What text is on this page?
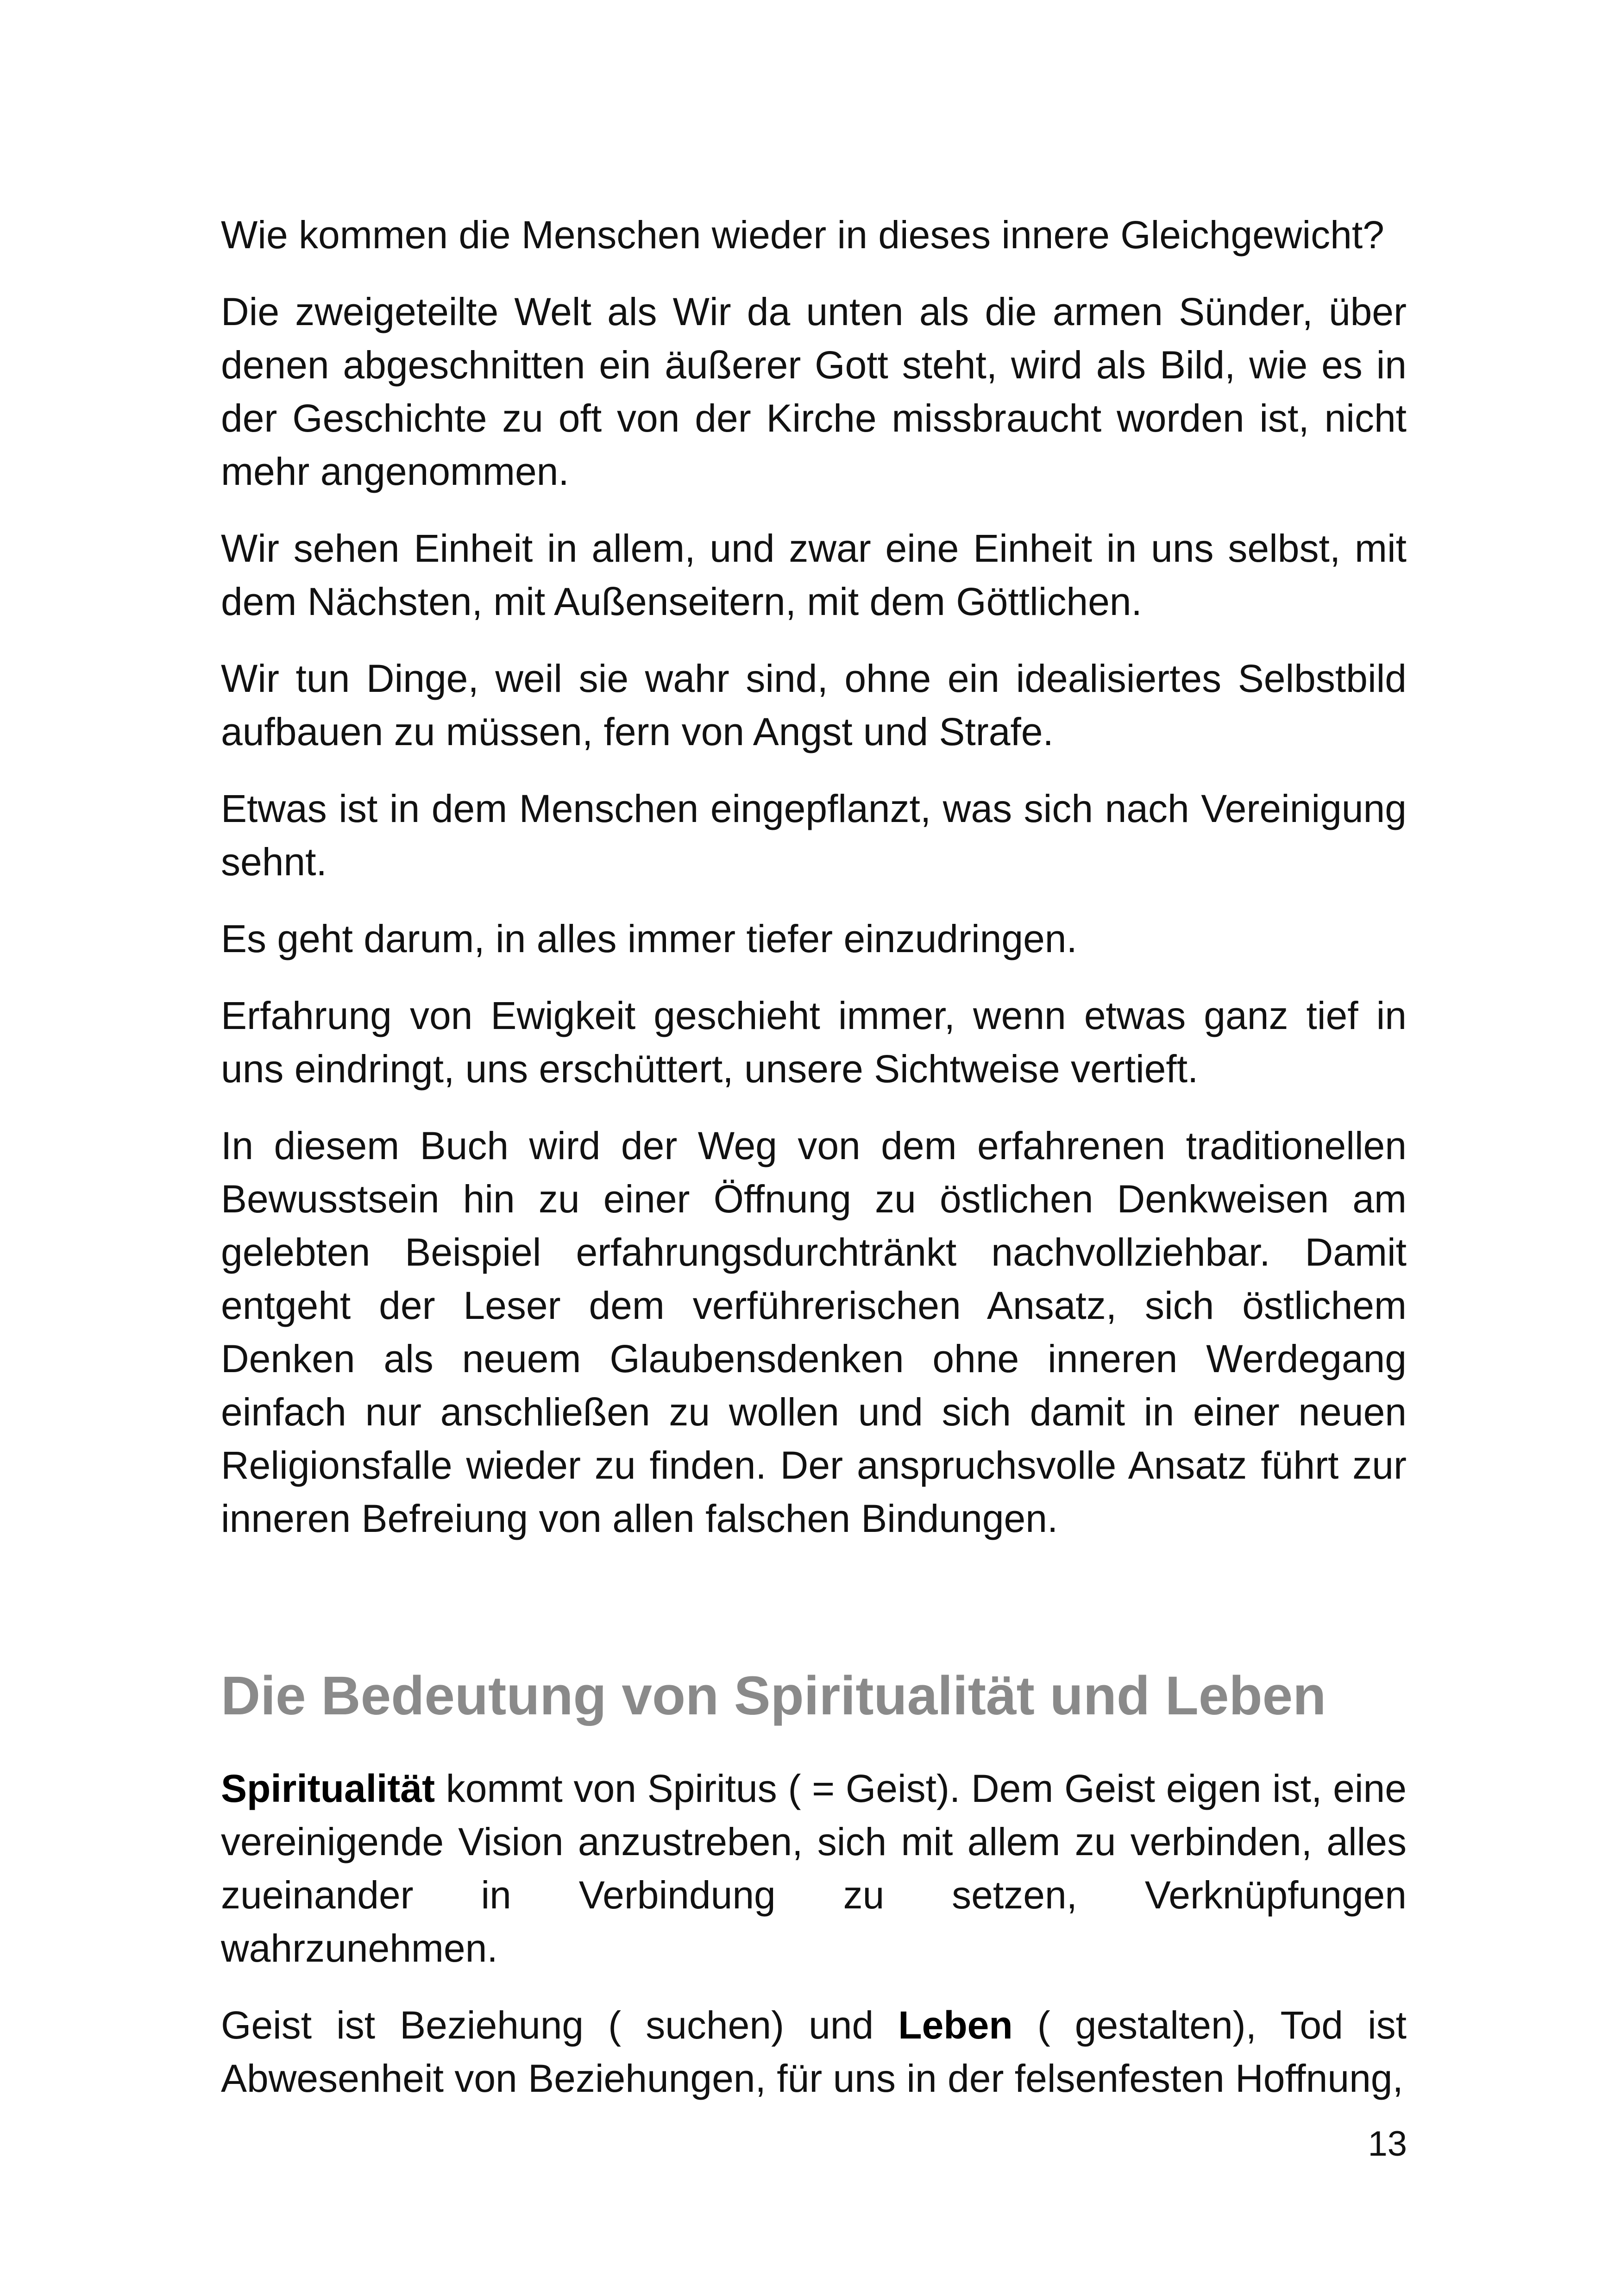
Wie kommen die Menschen wieder in dieses innere Gleichgewicht?

Die zweigeteilte Welt als Wir da unten als die armen Sünder, über denen abgeschnitten ein äußerer Gott steht, wird als Bild, wie es in der Geschichte zu oft von der Kirche missbraucht worden ist, nicht mehr angenommen.

Wir sehen Einheit in allem, und zwar eine Einheit in uns selbst, mit dem Nächsten, mit Außenseitern, mit dem Göttlichen.

Wir tun Dinge, weil sie wahr sind, ohne ein idealisiertes Selbstbild aufbauen zu müssen, fern von Angst und Strafe.

Etwas ist in dem Menschen eingepflanzt, was sich nach Vereinigung sehnt.

Es geht darum, in alles immer tiefer einzudringen.

Erfahrung von Ewigkeit geschieht immer, wenn etwas ganz tief in uns eindringt, uns erschüttert, unsere Sichtweise vertieft.

In diesem Buch wird der Weg von dem erfahrenen traditionellen Bewusstsein hin zu einer Öffnung zu östlichen Denkweisen am gelebten Beispiel erfahrungsdurchtränkt nachvollziehbar. Damit entgeht der Leser dem verführerischen Ansatz, sich östlichem Denken als neuem Glaubensdenken ohne inneren Werdegang einfach nur anschließen zu wollen und sich damit in einer neuen Religionsfalle wieder zu finden. Der anspruchsvolle Ansatz führt zur inneren Befreiung von allen falschen Bindungen.

Die Bedeutung von Spiritualität und Leben

Spiritualität kommt von Spiritus ( = Geist). Dem Geist eigen ist, eine vereinigende Vision anzustreben, sich mit allem zu verbinden, alles zueinander in Verbindung zu setzen, Verknüpfungen wahrzunehmen.

Geist ist Beziehung ( suchen) und Leben ( gestalten), Tod ist Abwesenheit von Beziehungen, für uns in der felsenfesten Hoffnung,

13
